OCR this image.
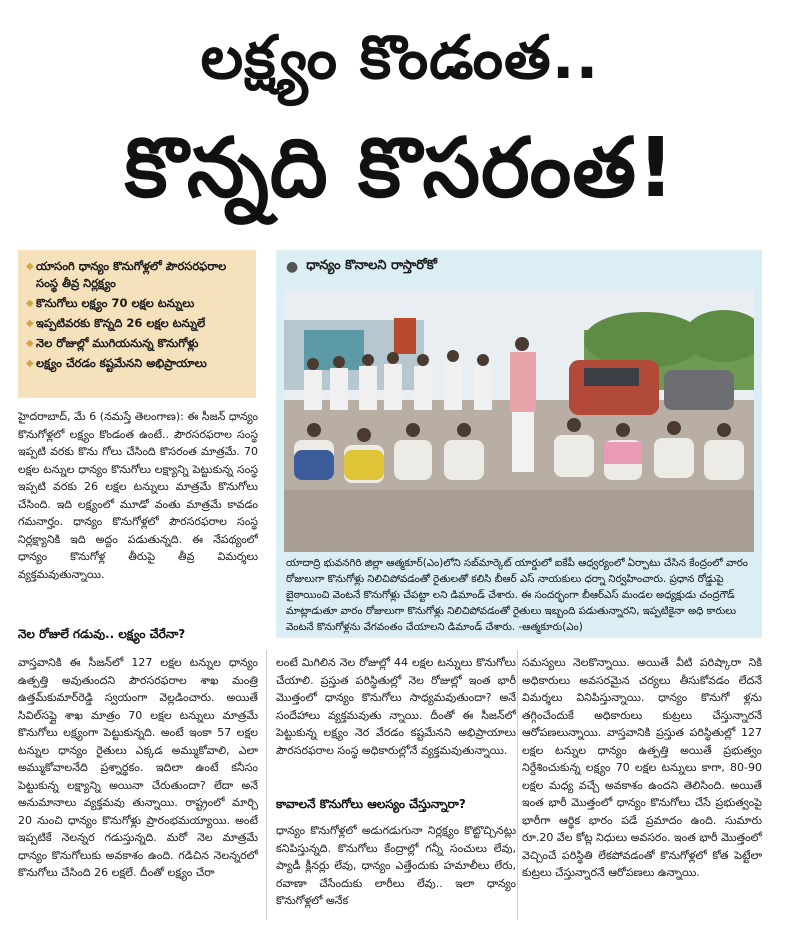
లక్ష్యం కొండంత..
కొన్నది కొసరంత!
◆ యాసంగి ధాన్యం కొనుగోళ్లలో పౌరసరఫరాల సంస్థ తీవ్ర నిర్లక్ష్యం
◆ కొనుగోలు లక్ష్యం 70 లక్షల టన్నులు
◆ ఇప్పటివరకు కొన్నది 26 లక్షల టన్నులే
◆ నెల రోజుల్లో ముగియనున్న కొనుగోళ్లు
◆ లక్ష్యం చేరడం కష్టమేనని అభిప్రాయాలు
● ధాన్యం కొనాలని రాస్తారోకో
యాదాద్రి భువనగిరి జిల్లా ఆత్మకూర్(ఎం)లోని సబ్‌మార్కెట్ యార్డులో ఐకేపీ ఆధ్వర్యంలో ఏర్పాటు చేసిన కేంద్రంలో వారం రోజులుగా కొనుగోళ్లు నిలిచిపోవడంతో రైతులతో కలిసి బీఆర్ ఎస్ నాయకులు ధర్నా నిర్వహించారు. ప్రధాన రోడ్డుపై బైఠాయించి వెంటనే కొనుగోళ్లు చేపట్టా లని డిమాండ్ చేశారు. ఈ సందర్భంగా బీఆర్ఎస్ మండల అధ్యక్షుడు చంద్రగౌడ్ మాట్లాడుతూ వారం రోజులుగా కొనుగోళ్లు నిలిచిపోవడంతో రైతులు ఇబ్బంది పడుతున్నారని, ఇప్పటికైనా అధి కారులు వెంటనే కొనుగోళ్లను వేగవంతం చేయాలని డిమాండ్ చేశారు. -ఆత్మకూరు(ఎం)
హైదరాబాద్, మే 6 (నమస్తే తెలంగాణ): ఈ సీజన్ ధాన్యం కొనుగోళ్లలో లక్ష్యం కొండంత ఉంటే.. పౌరసరఫరాల సంస్థ ఇప్పటి వరకు కొను గోలు చేసింది కొసరంత మాత్రమే. 70 లక్షల టన్నుల ధాన్యం కొనుగోలు లక్ష్యాన్ని పెట్టుకున్న సంస్థ ఇప్పటి వరకు 26 లక్షల టన్నులు మాత్రమే కొనుగోలు చేసింది. ఇది లక్ష్యంలో మూడో వంతు మాత్రమే కావడం గమనార్హం. ధాన్యం కొనుగోళ్లలో పౌరసరఫరాల సంస్థ నిర్లక్ష్యానికి ఇది అద్దం పడుతున్నది. ఈ నేపథ్యంలో ధాన్యం కొనుగోళ్ల తీరుపై తీవ్ర విమర్శలు వ్యక్తమవుతున్నాయి.
నెల రోజులే గడువు.. లక్ష్యం చేరేనా?
వాస్తవానికి ఈ సీజన్‌లో 127 లక్షల టన్నుల ధాన్యం ఉత్పత్తి అవుతుందని పౌరసరఫరాల శాఖ మంత్రి ఉత్తమ్‌కుమార్‌రెడ్డి స్వయంగా వెల్లడించారు. అయితే సివిల్‌సప్లై శాఖ మాత్రం 70 లక్షల టన్నులు మాత్రమే కొనుగోలు లక్ష్యంగా పెట్టుకున్నది. అంటే ఇంకా 57 లక్షల టన్నుల ధాన్యం రైతులు ఎక్కడ అమ్ముకోవాలి, ఎలా అమ్ముకోవాలనేది ప్రశ్నార్థకం. ఇదిలా ఉంటే కనీసం పెట్టుకున్న లక్ష్యాన్ని అయినా చేరుతుందా? లేదా అనే అనుమానాలు వ్యక్తమవు తున్నాయి. రాష్ట్రంలో మార్చి 20 నుంచి ధాన్యం కొనుగోళ్లు ప్రారంభమయ్యాయి. అంటే ఇప్పటికే నెలన్నర గడుస్తున్నది. మరో నెల మాత్రమే ధాన్యం కొనుగోలుకు అవకాశం ఉంది. గడిచిన నెలన్నరలో కొనుగోలు చేసింది 26 లక్షలే. దీంతో లక్ష్యం చేరా

లంటే మిగిలిన నెల రోజుల్లో 44 లక్షల టన్నులు కొనుగోలు చేయాలి. ప్రస్తుత పరిస్థితుల్లో నెల రోజుల్లో ఇంత భారీ మొత్తంలో ధాన్యం కొనుగోలు సాధ్యమవుతుందా? అనే సందేహాలు వ్యక్తమవుతు న్నాయి. దీంతో ఈ సీజన్‌లో పెట్టుకున్న లక్ష్యం నెర వేరడం కష్టమేనని అభిప్రాయాలు పౌరసరఫరాల సంస్థ అధికారుల్లోనే వ్యక్తమవుతున్నాయి.

కావాలనే కొనుగోలు ఆలస్యం చేస్తున్నారా?
ధాన్యం కొనుగోళ్లలో అడుగడుగునా నిర్లక్ష్యం కొట్టొచ్చినట్లు కనిపిస్తున్నది. కొనుగోలు కేంద్రాల్లో గన్నీ సంచులు లేవు, ప్యాడీ క్లీనర్లు లేవు, ధాన్యం ఎత్తేందుకు హమాలీలు లేరు, రవాణా చేసేందుకు లారీలు లేవు.. ఇలా ధాన్యం కొనుగోళ్లలో అనేక
సమస్యలు నెలకొన్నాయి. అయితే వీటి పరిష్కారా నికి అధికారులు అవసరమైన చర్యలు తీసుకోవడం లేదనే విమర్శలు వినిపిస్తున్నాయి. ధాన్యం కొనుగో ళ్లను తగ్గించేందుకే అధికారులు కుట్రలు చేస్తున్నారనే ఆరోపణలున్నాయి. వాస్తవానికి ప్రస్తుత పరిస్థితుల్లో 127 లక్షల టన్నుల ధాన్యం ఉత్పత్తి అయితే ప్రభుత్వం నిర్దేశించుకున్న లక్ష్యం 70 లక్షల టన్నులు కాగా, 80-90 లక్షల మధ్య వచ్చే అవకాశం ఉందని తెలిసింది. అయితే ఇంత భారీ మొత్తంలో ధాన్యం కొనుగోలు చేసే ప్రభుత్వంపై భారీగా ఆర్థిక భారం పడే ప్రమాదం ఉంది. సుమారు రూ.20 వేల కోట్ల నిధులు అవసరం. ఇంత భారీ మొత్తంలో వెచ్చించే పరిస్థితి లేకపోవడంతో కొనుగోళ్లలో కోత పెట్టేలా కుట్రలు చేస్తున్నారనే ఆరోపణలు ఉన్నాయి.
